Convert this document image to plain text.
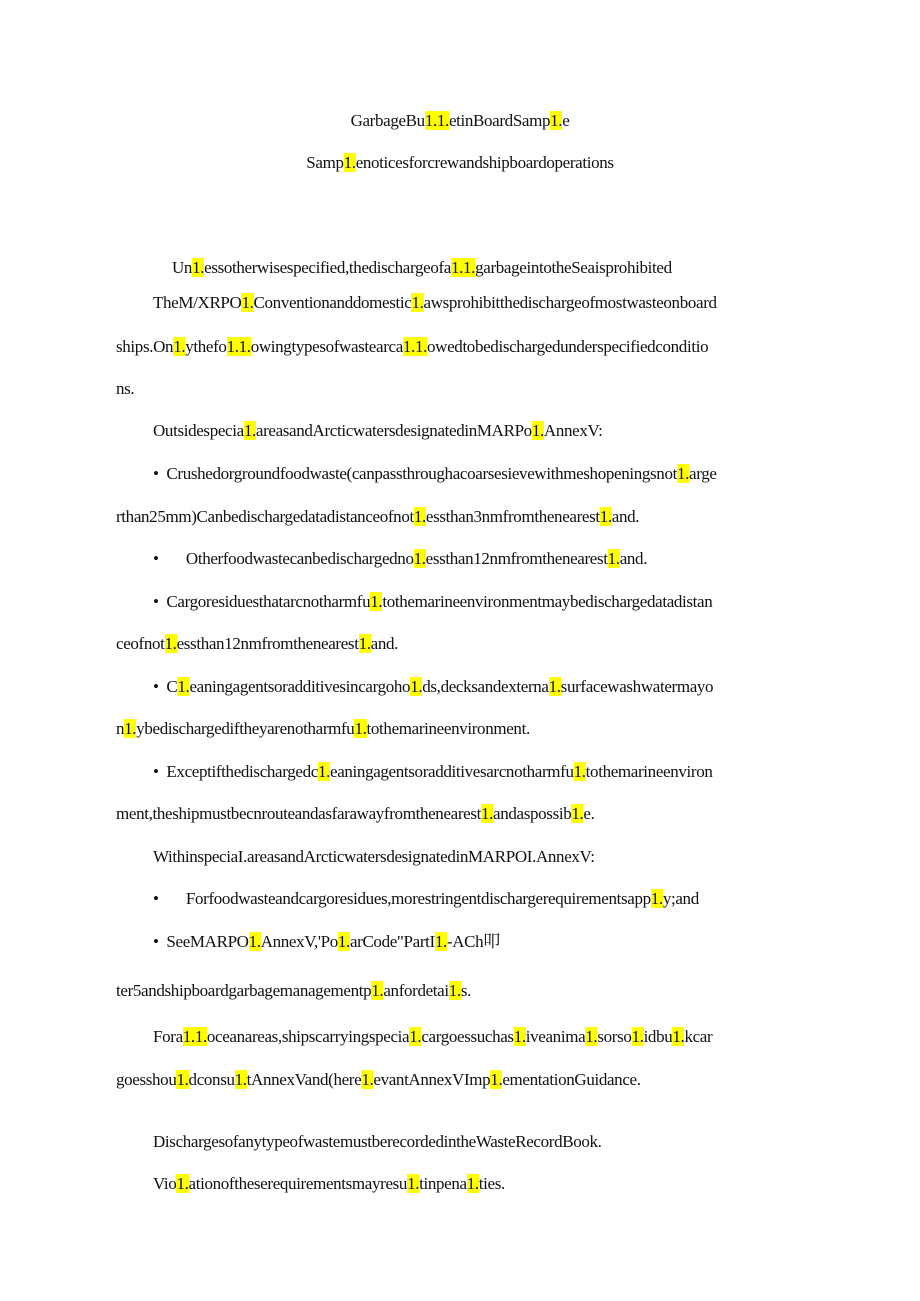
GarbageBu1.1.etinBoardSamp1.e
Samp1.enoticesforcrewandshipboardoperations
Un1.essotherwisespecified,thedischargeofa1.1.garbageintotheSeaisprohibited
TheM/XRPO1.Conventionanddomestic1.awsprohibitthedischargeofmostwasteonboard
ships.On1.ythefo1.1.owingtypesofwastearca1.1.owedtobedischargedunderspecifiedconditio
ns.
Outsidespecia1.areasandArcticwatersdesignatedinMARPo1.AnnexV:
•  Crushedorgroundfoodwaste(canpassthroughacoarsesievewithmeshopeningsnot1.arge
rthan25mm)Canbedischargedatadistanceofnot1.essthan3nmfromthenearest1.and.
•       Otherfoodwastecanbedischargedno1.essthan12nmfromthenearest1.and.
•  Cargoresiduesthatarcnotharmfu1.tothemarineenvironmentmaybedischargedatadistan
ceofnot1.essthan12nmfromthenearest1.and.
•  C1.eaningagentsoradditivesincargoho1.ds,decksandexterna1.surfacewashwatermayo
n1.ybedischargediftheyarenotharmfu1.tothemarineenvironment.
•  Exceptifthedischargedc1.eaningagentsoradditivesarcnotharmfu1.tothemarineenviron
ment,theshipmustbecnrouteandasfarawayfromthenearest1.andaspossib1.e.
WithinspeciaI.areasandArcticwatersdesignatedinMARPOI.AnnexV:
•       Forfoodwasteandcargoresidues,morestringentdischargerequirementsapp1.y;and
•  SeeMARPO1.AnnexV,'Po1.arCode"PartI1.-ACh叩
ter5andshipboardgarbagemanagementp1.anfordetai1.s.
Fora1.1.oceanareas,shipscarryingspecia1.cargoessuchas1.iveanima1.sorso1.idbu1.kcar
goesshou1.dconsu1.tAnnexVand(here1.evantAnnexVImp1.ementationGuidance.
DischargesofanytypeofwastemustberecordedintheWasteRecordBook.
Vio1.ationoftheserequirementsmayresu1.tinpena1.ties.
